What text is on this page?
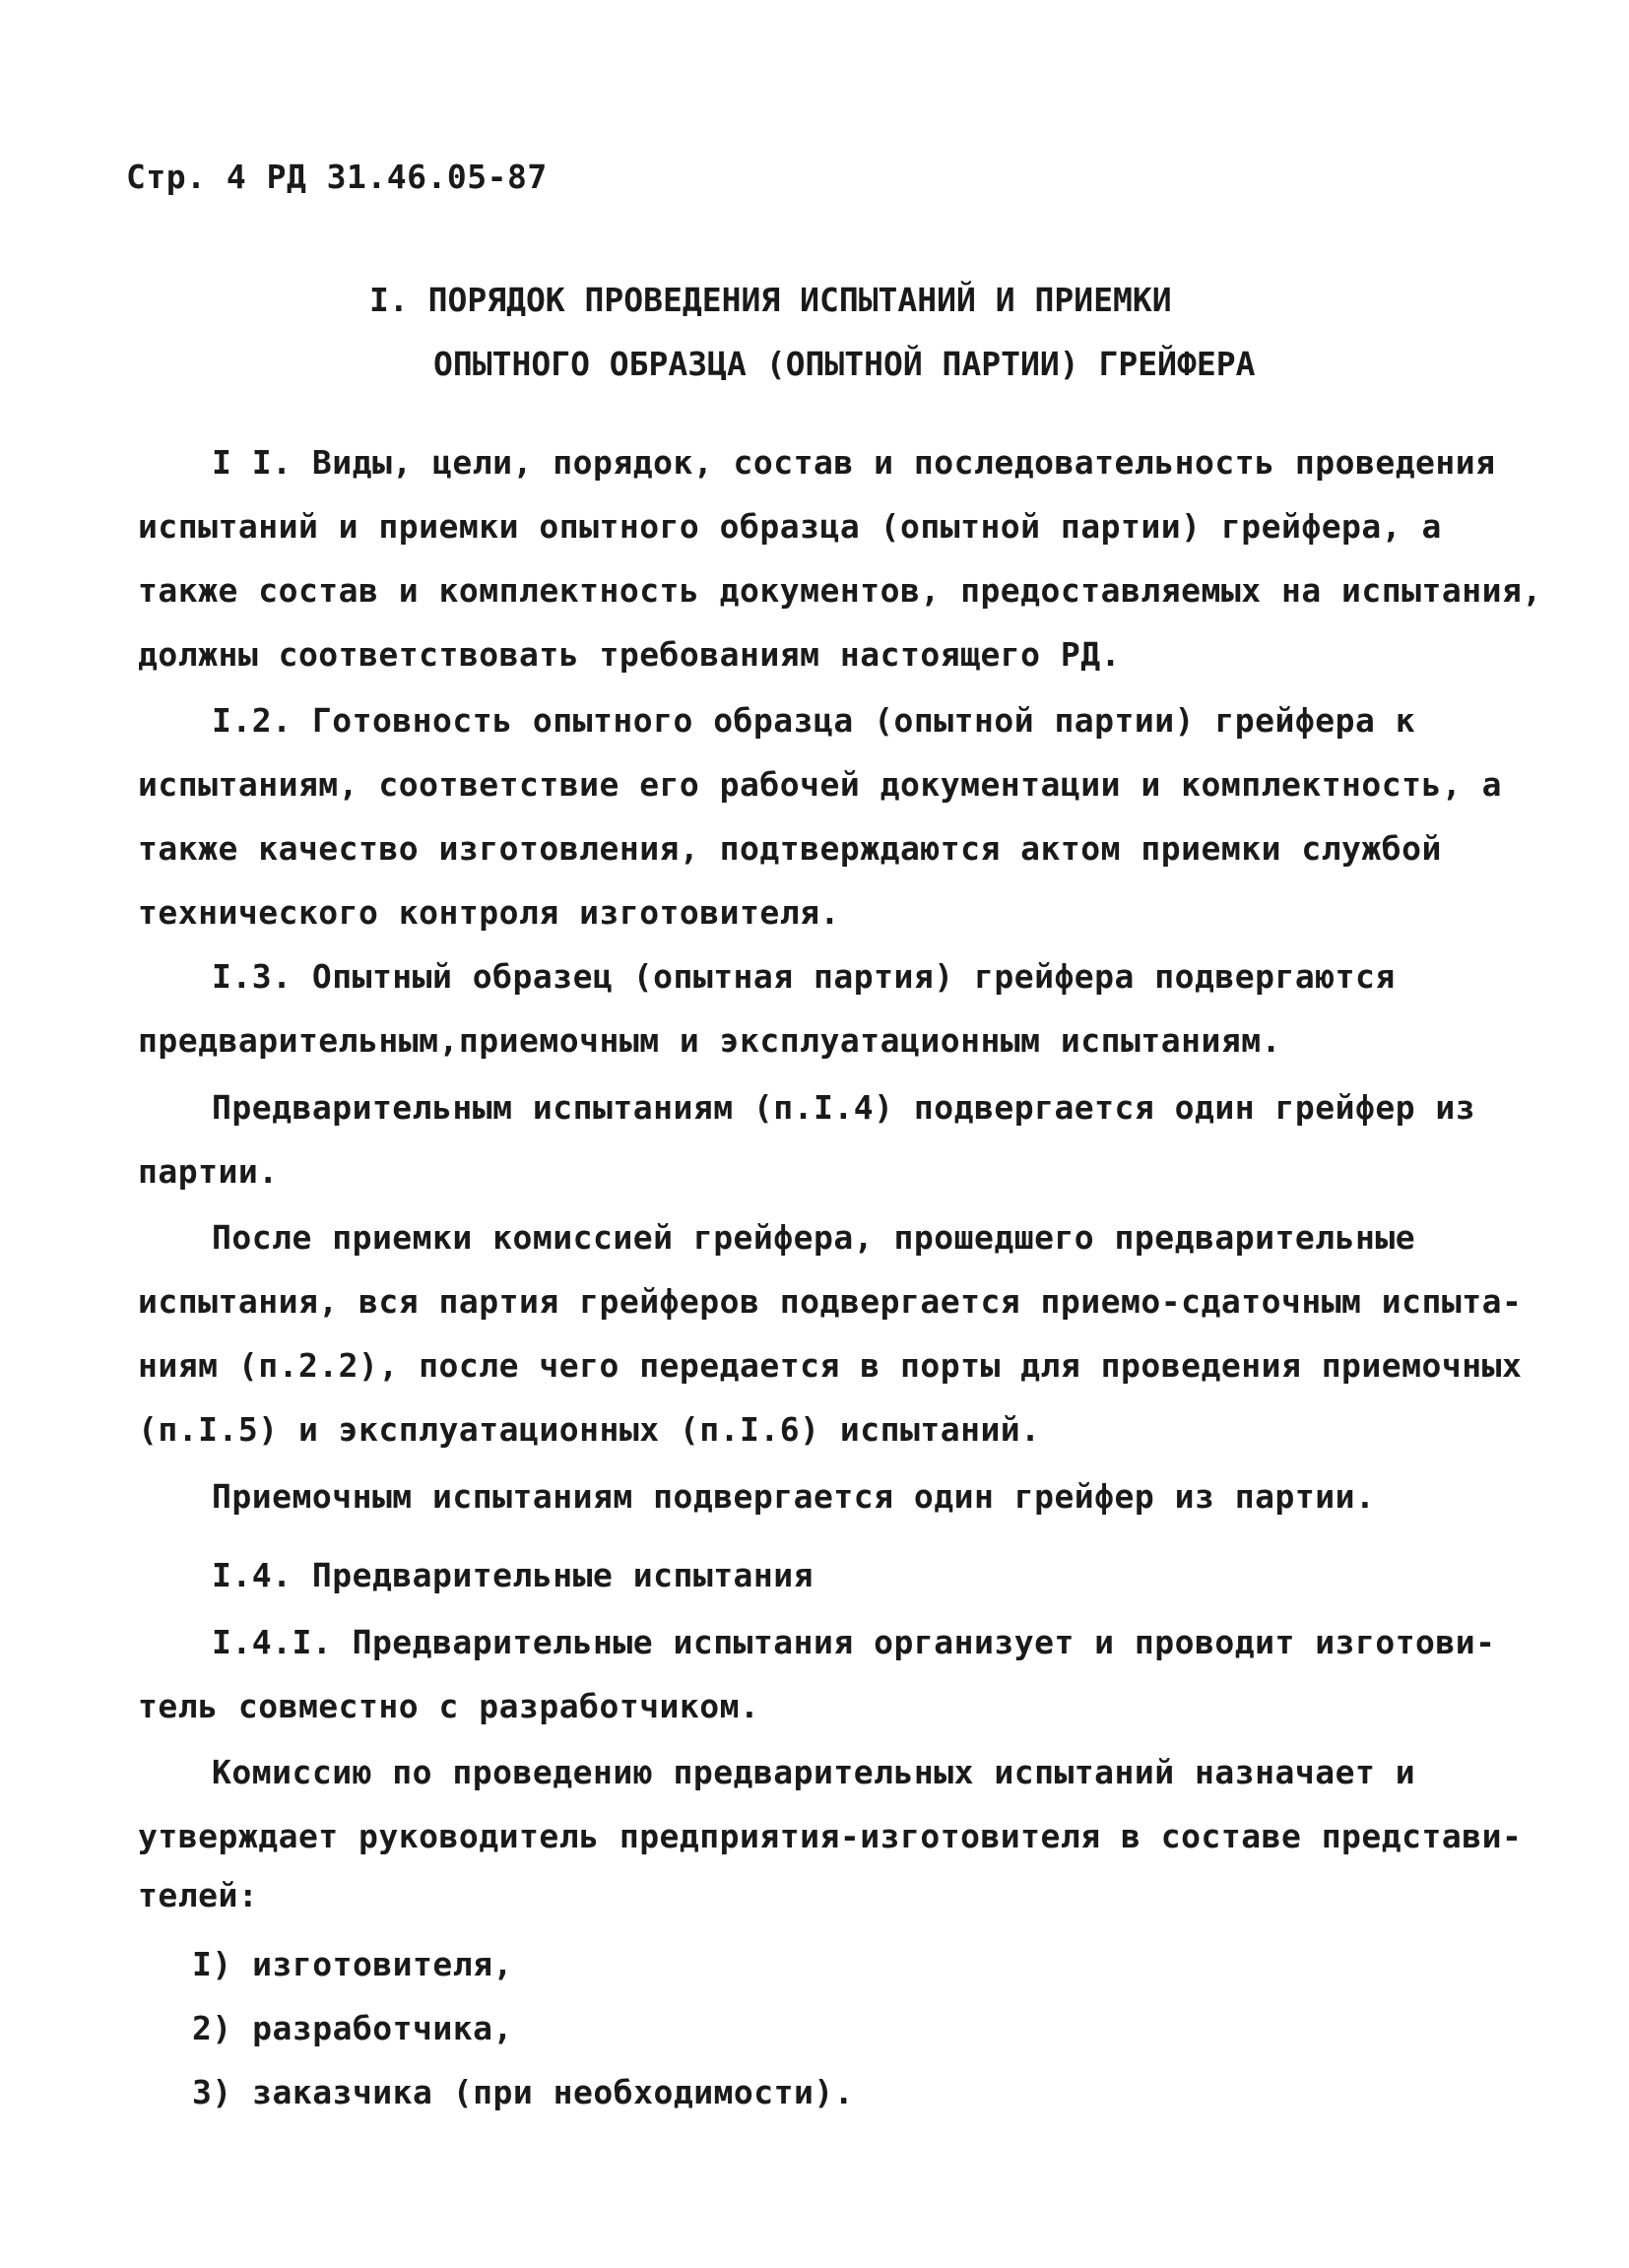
Стр. 4 РД 31.46.05-87
I. ПОРЯДОК ПРОВЕДЕНИЯ ИСПЫТАНИЙ И ПРИЕМКИ
ОПЫТНОГО ОБРАЗЦА (ОПЫТНОЙ ПАРТИИ) ГРЕЙФЕРА
I I. Виды, цели, порядок, состав и последовательность проведения
испытаний и приемки опытного образца (опытной партии) грейфера, а
также состав и комплектность документов, предоставляемых на испытания,
должны соответствовать требованиям настоящего РД.
I.2. Готовность опытного образца (опытной партии) грейфера к
испытаниям, соответствие его рабочей документации и комплектность, а
также качество изготовления, подтверждаются актом приемки службой
технического контроля изготовителя.
I.3. Опытный образец (опытная партия) грейфера подвергаются
предварительным,приемочным и эксплуатационным испытаниям.
Предварительным испытаниям (п.I.4) подвергается один грейфер из
партии.
После приемки комиссией грейфера, прошедшего предварительные
испытания, вся партия грейферов подвергается приемо-сдаточным испыта-
ниям (п.2.2), после чего передается в порты для проведения приемочных
(п.I.5) и эксплуатационных (п.I.6) испытаний.
Приемочным испытаниям подвергается один грейфер из партии.
I.4. Предварительные испытания
I.4.I. Предварительные испытания организует и проводит изготови-
тель совместно с разработчиком.
Комиссию по проведению предварительных испытаний назначает и
утверждает руководитель предприятия-изготовителя в составе представи-
телей:
I) изготовителя,
2) разработчика,
3) заказчика (при необходимости).
